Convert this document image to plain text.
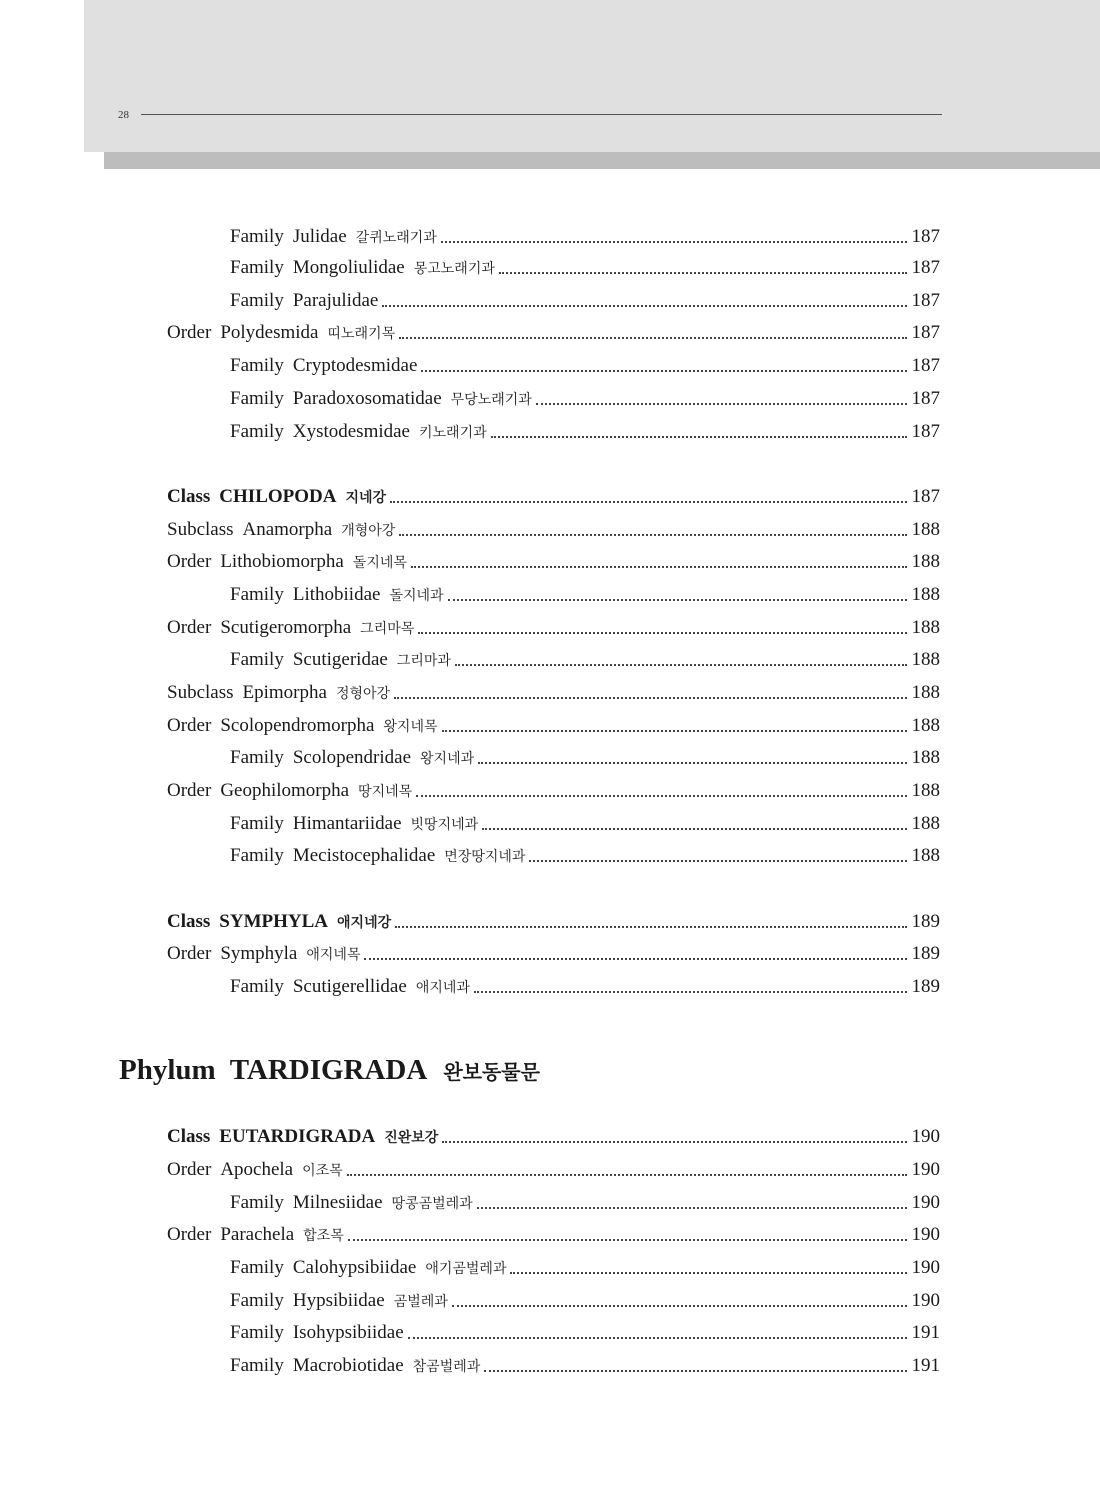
28
Family Julidae 갈퀴노래기과	187
Family Mongoliulidae 몽고노래기과	187
Family Parajulidae	187
Order Polydesmida 띠노래기목	187
Family Cryptodesmidae	187
Family Paradoxosomatidae 무당노래기과	187
Family Xystodesmidae 키노래기과	187
Class CHILOPODA 지네강	187
Subclass Anamorpha 개형아강	188
Order Lithobiomorpha 돌지네목	188
Family Lithobiidae 돌지네과	188
Order Scutigeromorpha 그리마목	188
Family Scutigeridae 그리마과	188
Subclass Epimorpha 정형아강	188
Order Scolopendromorpha 왕지네목	188
Family Scolopendridae 왕지네과	188
Order Geophilomorpha 땅지네목	188
Family Himantariidae 빗땅지네과	188
Family Mecistocephalidae 면장땅지네과	188
Class SYMPHYLA 애지네강	189
Order Symphyla 애지네목	189
Family Scutigerellidae 애지네과	189
Phylum TARDIGRADA 완보동물문
Class EUTARDIGRADA 진완보강	190
Order Apochela 이조목	190
Family Milnesiidae 땅콩곰벌레과	190
Order Parachela 합조목	190
Family Calohypsibiidae 애기곰벌레과	190
Family Hypsibiidae 곰벌레과	190
Family Isohypsibiidae	191
Family Macrobiotidae 참곰벌레과	191
